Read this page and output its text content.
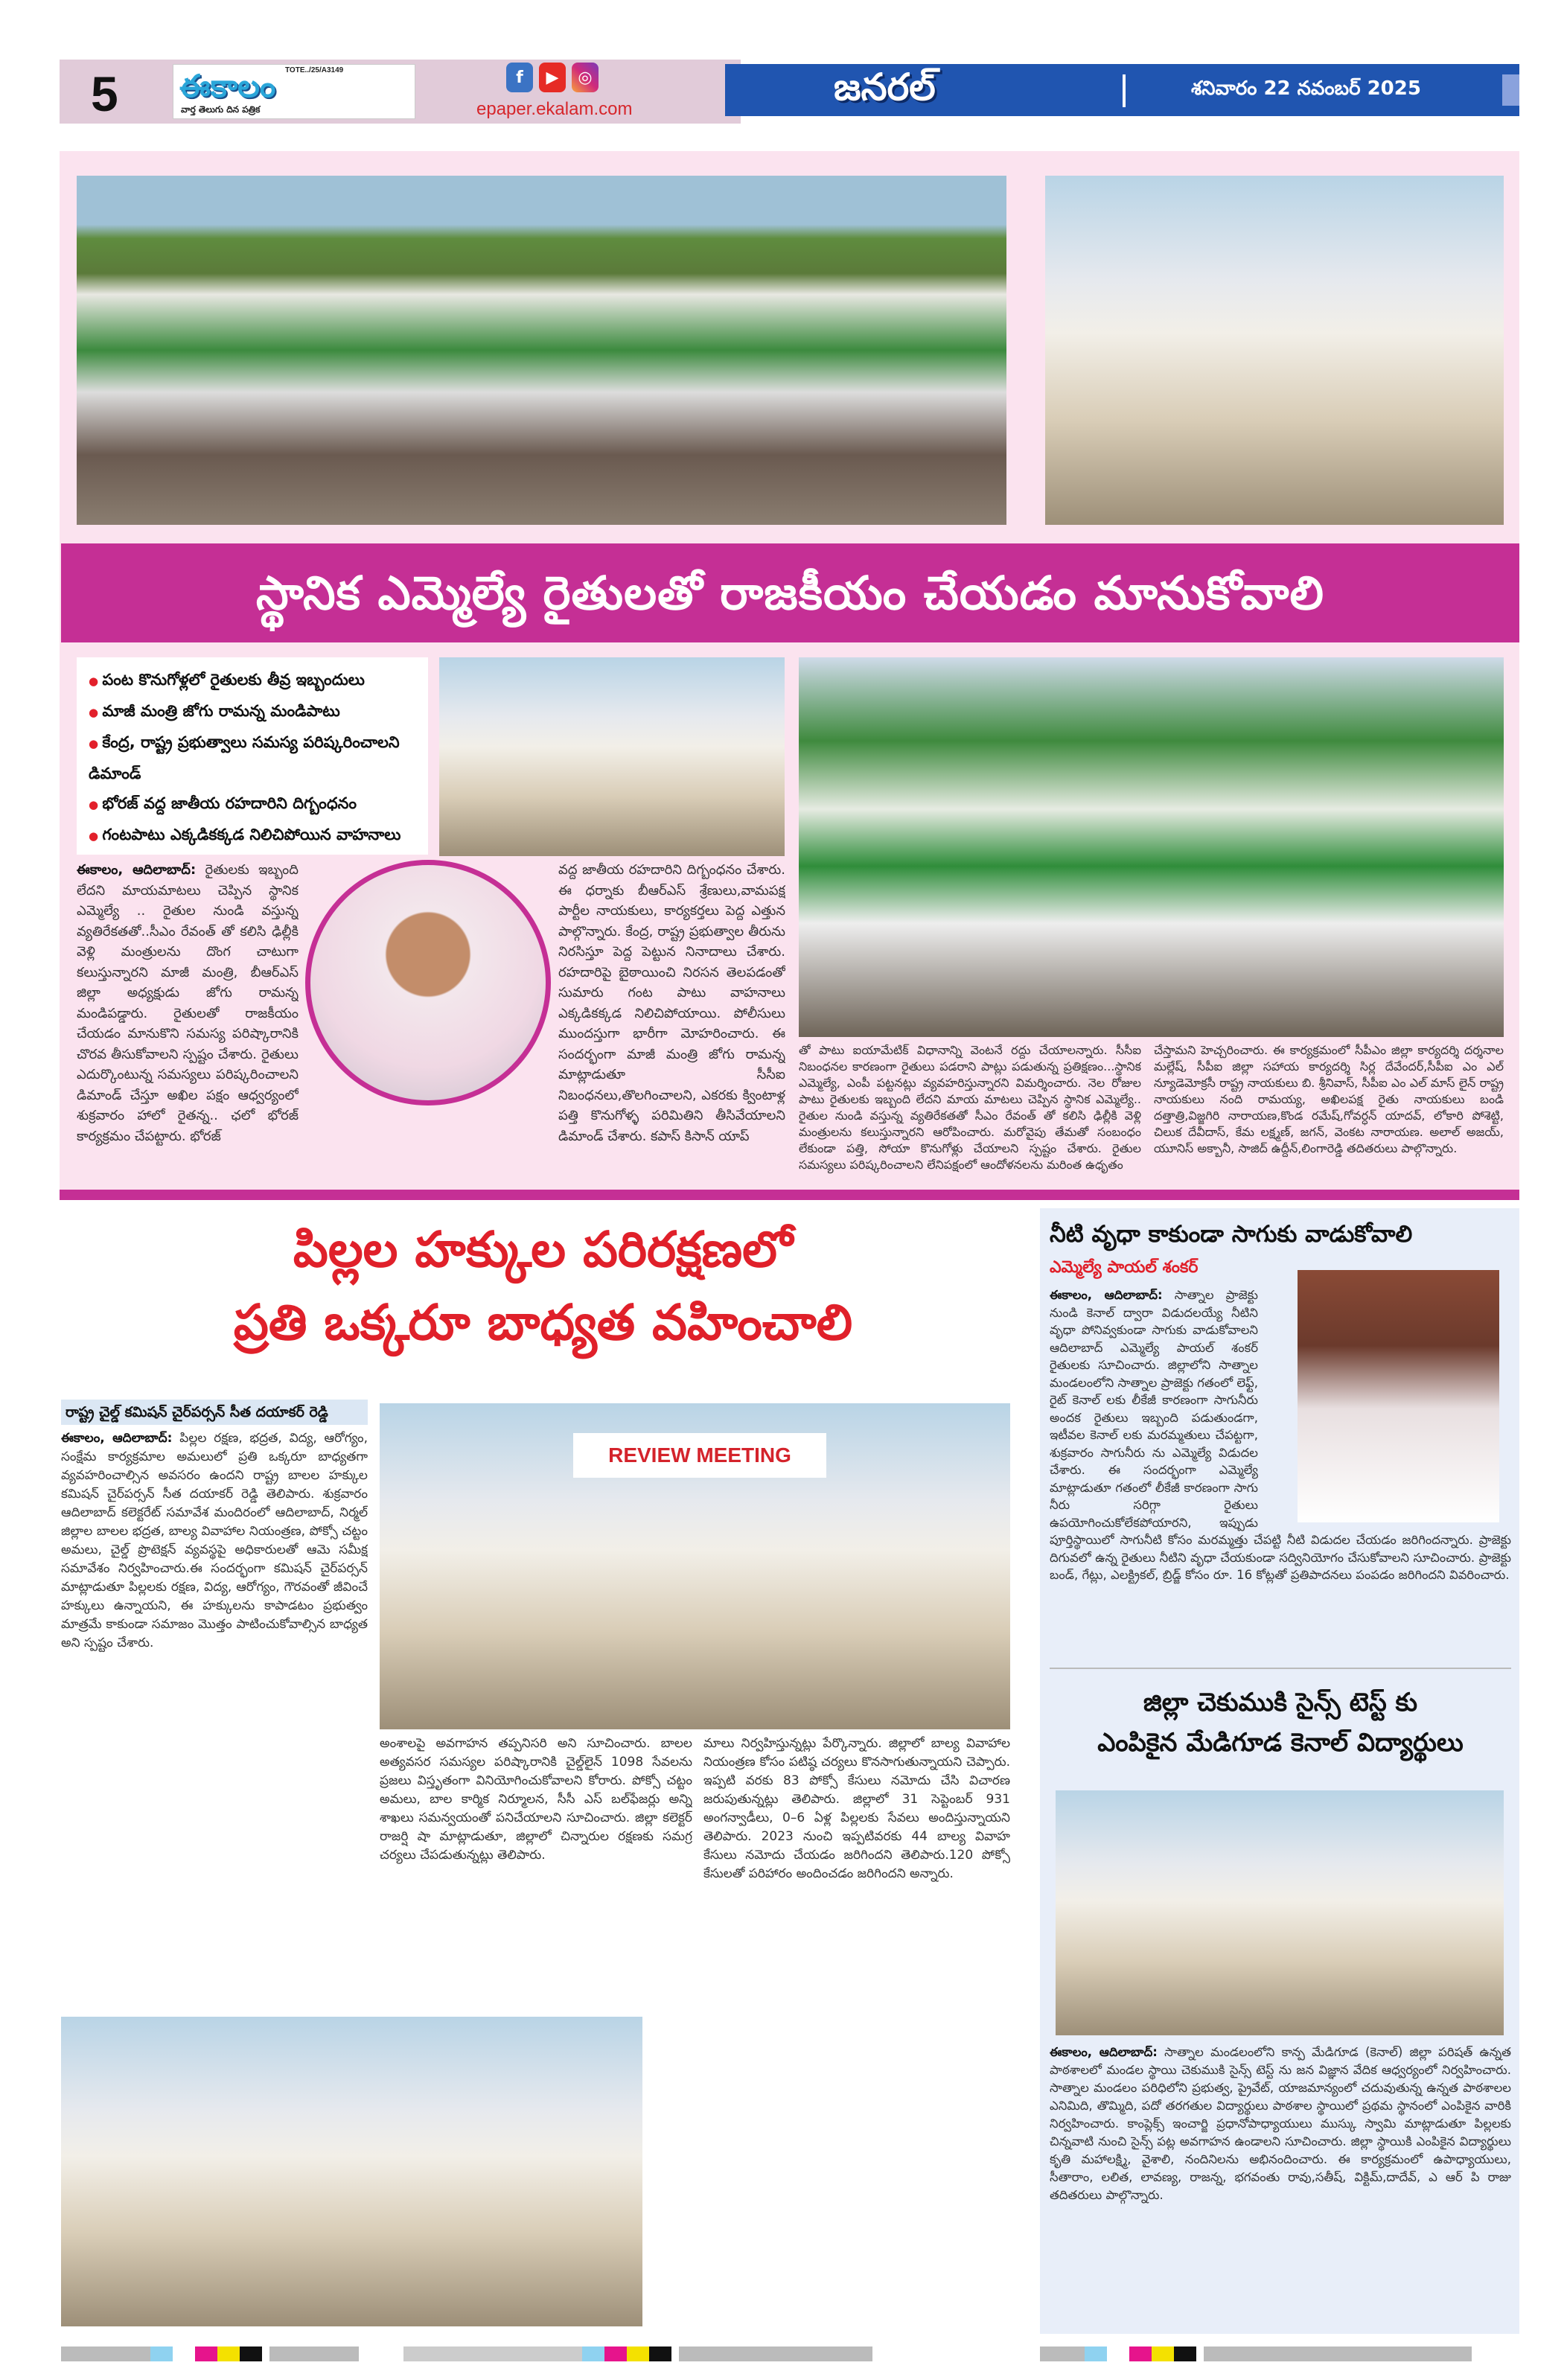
5	TOTE../25/A3149
ఈకాలం
వార్త తెలుగు దిన పత్రిక
f	▶	◎
epaper.ekalam.com
జనరల్	శనివారం 22 నవంబర్ 2025
స్థానిక ఎమ్మెల్యే రైతులతో రాజకీయం చేయడం మానుకోవాలి
● పంట కొనుగోళ్లలో రైతులకు తీవ్ర ఇబ్బందులు
● మాజీ మంత్రి జోగు రామన్న మండిపాటు
● కేంద్ర, రాష్ట్ర ప్రభుత్వాలు సమస్య పరిష్కరించాలని డిమాండ్
● భోరజ్ వద్ద జాతీయ రహదారిని దిగ్బంధనం
● గంటపాటు ఎక్కడికక్కడ నిలిచిపోయిన వాహనాలు
ఈకాలం, ఆదిలాబాద్: రైతులకు ఇబ్బంది లేదని మాయమాటలు చెప్పిన స్థానిక ఎమ్మెల్యే .. రైతుల నుండి వస్తున్న వ్యతిరేకతతో..సీఎం రేవంత్ తో కలిసి ఢిల్లీకి వెళ్లి మంత్రులను దొంగ చాటుగా కలుస్తున్నారని మాజీ మంత్రి, బీఆర్ఎస్ జిల్లా అధ్యక్షుడు జోగు రామన్న మండిపడ్డారు. రైతులతో రాజకీయం చేయడం మానుకొని సమస్య పరిష్కారానికి చొరవ తీసుకోవాలని స్పష్టం చేశారు. రైతులు ఎదుర్కొంటున్న సమస్యలు పరిష్కరించాలని డిమాండ్ చేస్తూ అఖిల పక్షం ఆధ్వర్యంలో శుక్రవారం హాలో రైతన్న.. ఛలో భోరజ్ కార్యక్రమం చేపట్టారు. భోరజ్
వద్ద జాతీయ రహదారిని దిగ్బంధనం చేశారు. ఈ ధర్నాకు బీఆర్ఎస్ శ్రేణులు,వామపక్ష పార్టీల నాయకులు, కార్యకర్తలు పెద్ద ఎత్తున పాల్గొన్నారు. కేంద్ర, రాష్ట్ర ప్రభుత్వాల తీరును నిరసిస్తూ పెద్ద పెట్టున నినాదాలు చేశారు. రహదారిపై బైఠాయించి నిరసన తెలపడంతో సుమారు గంట పాటు వాహనాలు ఎక్కడికక్కడ నిలిచిపోయాయి. పోలీసులు ముందస్తుగా భారీగా మోహరించారు. ఈ సందర్భంగా మాజీ మంత్రి జోగు రామన్న మాట్లాడుతూ సీసీఐ నిబంధనలు,తొలగించాలని, ఎకరకు క్వింటాళ్ల పత్తి కొనుగోళ్ళ పరిమితిని తీసివేయాలని డిమాండ్ చేశారు. కపాస్ కిసాన్ యాప్
తో పాటు ఐయామేటిక్ విధానాన్ని వెంటనే రద్దు చేయాలన్నారు. సీసీఐ నిబంధనల కారణంగా రైతులు పడరాని పాట్లు పడుతున్న ప్రతిక్షణం...స్థానిక ఎమ్మెల్యే, ఎంపీ పట్టనట్లు వ్యవహరిస్తున్నారని విమర్శించారు. నెల రోజుల పాటు రైతులకు ఇబ్బంది లేదని మాయ మాటలు చెప్పిన స్థానిక ఎమ్మెల్యే.. రైతుల నుండి వస్తున్న వ్యతిరేకతతో సీఎం రేవంత్ తో కలిసి ఢిల్లీకి వెళ్లి మంత్రులను కలుస్తున్నారని ఆరోపించారు. మరోవైపు తేమతో సంబంధం లేకుండా పత్తి, సోయా కొనుగోళ్లు చేయాలని స్పష్టం చేశారు. రైతుల సమస్యలు పరిష్కరించాలని లేనిపక్షంలో ఆందోళనలను మరింత ఉధృతం
చేస్తామని హెచ్చరించారు. ఈ కార్యక్రమంలో సీపీఎం జిల్లా కార్యదర్శి దర్శనాల మల్లేష్, సీపీఐ జిల్లా సహాయ కార్యదర్శి సిర్ల దేవేందర్,సీపీఐ ఎం ఎల్ న్యూడెమోక్రసీ రాష్ట్ర నాయకులు బి. శ్రీనివాస్, సీపీఐ ఎం ఎల్ మాస్ లైన్ రాష్ట్ర నాయకులు నంది రామయ్య, అఖిలపక్ష రైతు నాయకులు బండి దత్తాత్రి,విజ్జగిరి నారాయణ,కొండ రమేష్,గోవర్ధన్ యాదవ్, లోకారి పోశెట్టి, చిలుక దేవీదాస్, కేమ లక్ష్మణ్, జగన్, వెంకట నారాయణ. అలాల్ అజయ్, యూనిస్ అక్బానీ, సాజిద్ ఉద్దీన్,లింగారెడ్డి తదితరులు పాల్గొన్నారు.
పిల్లల హక్కుల పరిరక్షణలో
ప్రతి ఒక్కరూ బాధ్యత వహించాలి
రాష్ట్ర చైల్డ్ కమిషన్ చైర్‌పర్సన్ సీత దయాకర్ రెడ్డి
ఈకాలం, ఆదిలాబాద్: పిల్లల రక్షణ, భద్రత, విద్య, ఆరోగ్యం, సంక్షేమ కార్యక్రమాల అమలులో ప్రతి ఒక్కరూ బాధ్యతగా వ్యవహరించాల్సిన అవసరం ఉందని రాష్ట్ర బాలల హక్కుల కమిషన్ చైర్‌పర్సన్ సీత దయాకర్ రెడ్డి తెలిపారు. శుక్రవారం ఆదిలాబాద్ కలెక్టరేట్ సమావేశ మందిరంలో ఆదిలాబాద్, నిర్మల్ జిల్లాల బాలల భద్రత, బాల్య వివాహాల నియంత్రణ, పోక్సో చట్టం అమలు, చైల్డ్ ప్రొటెక్షన్ వ్యవస్థపై అధికారులతో ఆమె సమీక్ష సమావేశం నిర్వహించారు.ఈ సందర్భంగా కమిషన్ చైర్‌పర్సన్ మాట్లాడుతూ పిల్లలకు రక్షణ, విద్య, ఆరోగ్యం, గౌరవంతో జీవించే హక్కులు ఉన్నాయని, ఈ హక్కులను కాపాడటం ప్రభుత్వం మాత్రమే కాకుండా సమాజం మొత్తం పాటించుకోవాల్సిన బాధ్యత అని స్పష్టం చేశారు.
REVIEW MEETING
అంశాలపై అవగాహన తప్పనిసరి అని సూచించారు. బాలల అత్యవసర సమస్యల పరిష్కారానికి చైల్డ్‌లైన్ 1098 సేవలను ప్రజలు విస్తృతంగా వినియోగించుకోవాలని కోరారు. పోక్సో చట్టం అమలు, బాల కార్మిక నిర్మూలన, సీసీ ఎస్ బల్‌ఫేజర్లు అన్ని శాఖలు సమన్వయంతో పనిచేయాలని సూచించారు. జిల్లా కలెక్టర్ రాజర్షి షా మాట్లాడుతూ, జిల్లాలో చిన్నారుల రక్షణకు సమగ్ర చర్యలు చేపడుతున్నట్లు తెలిపారు.
మాలు నిర్వహిస్తున్నట్లు పేర్కొన్నారు. జిల్లాలో బాల్య వివాహాల నియంత్రణ కోసం పటిష్ఠ చర్యలు కొనసాగుతున్నాయని చెప్పారు. ఇప్పటి వరకు 83 పోక్సో కేసులు నమోదు చేసి విచారణ జరుపుతున్నట్లు తెలిపారు. జిల్లాలో 31 సెప్టెంబర్ 931 అంగన్వాడీలు, 0–6 ఏళ్ల పిల్లలకు సేవలు అందిస్తున్నాయని తెలిపారు. 2023 నుంచి ఇప్పటివరకు 44 బాల్య వివాహ కేసులు నమోదు చేయడం జరిగిందని తెలిపారు.120 పోక్సో కేసులతో పరిహారం అందించడం జరిగిందని అన్నారు.
నీటి వృధా కాకుండా సాగుకు వాడుకోవాలి
ఎమ్మెల్యే పాయల్ శంకర్
ఈకాలం, ఆదిలాబాద్: సాత్నాల ప్రాజెక్టు నుండి కెనాల్ ద్వారా విడుదలయ్యే నీటిని వృధా పోనివ్వకుండా సాగుకు వాడుకోవాలని ఆదిలాబాద్ ఎమ్మెల్యే పాయల్ శంకర్ రైతులకు సూచించారు. జిల్లాలోని సాత్నాల మండలంలోని సాత్నాల ప్రాజెక్టు గతంలో లెఫ్ట్, రైట్ కెనాల్ లకు లీకేజీ కారణంగా సాగునీరు అందక రైతులు ఇబ్బంది పడుతుండగా, ఇటీవల కెనాల్ లకు మరమ్మతులు చేపట్టగా, శుక్రవారం సాగునీరు ను ఎమ్మెల్యే విడుదల చేశారు. ఈ సందర్భంగా ఎమ్మెల్యే మాట్లాడుతూ గతంలో లీకేజీ కారణంగా సాగు నీరు సరిగ్గా రైతులు ఉపయోగించుకోలేకపోయారని, ఇప్పుడు పూర్తిస్థాయిలో సాగునీటి కోసం మరమ్మత్తు చేపట్టి నీటి విడుదల చేయడం జరిగిందన్నారు. ప్రాజెక్టు దిగువలో ఉన్న రైతులు నీటిని వృధా చేయకుండా సద్వినియోగం చేసుకోవాలని సూచించారు. ప్రాజెక్టు బండ్, గేట్లు, ఎలక్ట్రికల్, బ్రిడ్జ్ కోసం రూ. 16 కోట్లతో ప్రతిపాదనలు పంపడం జరిగిందని వివరించారు.
జిల్లా చెకుముకి సైన్స్ టెస్ట్ కు
ఎంపికైన మేడిగూడ కెనాల్ విద్యార్థులు
ఈకాలం, ఆదిలాబాద్: సాత్నాల మండలంలోని కాన్ప మేడిగూడ (కెనాల్) జిల్లా పరిషత్ ఉన్నత పాఠశాలలో మండల స్థాయి చెకుముకి సైన్స్ టెస్ట్ ను జన విజ్ఞాన వేదిక ఆధ్వర్యంలో నిర్వహించారు. సాత్నాల మండలం పరిధిలోని ప్రభుత్వ, ప్రైవేట్, యాజమాన్యంలో చదువుతున్న ఉన్నత పాఠశాలల ఎనిమిది, తొమ్మిది, పదో తరగతుల విద్యార్థులు పాఠశాల స్థాయిలో ప్రథమ స్థానంలో ఎంపికైన వారికి నిర్వహించారు. కాంప్లెక్స్ ఇంచార్జి ప్రధానోపాధ్యాయులు ముస్కు స్వామి మాట్లాడుతూ పిల్లలకు చిన్నవాటి నుంచి సైన్స్ పట్ల అవగాహన ఉండాలని సూచించారు. జిల్లా స్థాయికి ఎంపికైన విద్యార్థులు కృతి మహాలక్ష్మి, వైశాలి, నందినిలను అభినందించారు. ఈ కార్యక్రమంలో ఉపాధ్యాయులు, సీతారాం, లలిత, లావణ్య, రాజన్న, భగవంతు రావు,సతీష్, విక్టిమ్,దాదేవ్, ఎ ఆర్ పి రాజు తదితరులు పాల్గొన్నారు.
